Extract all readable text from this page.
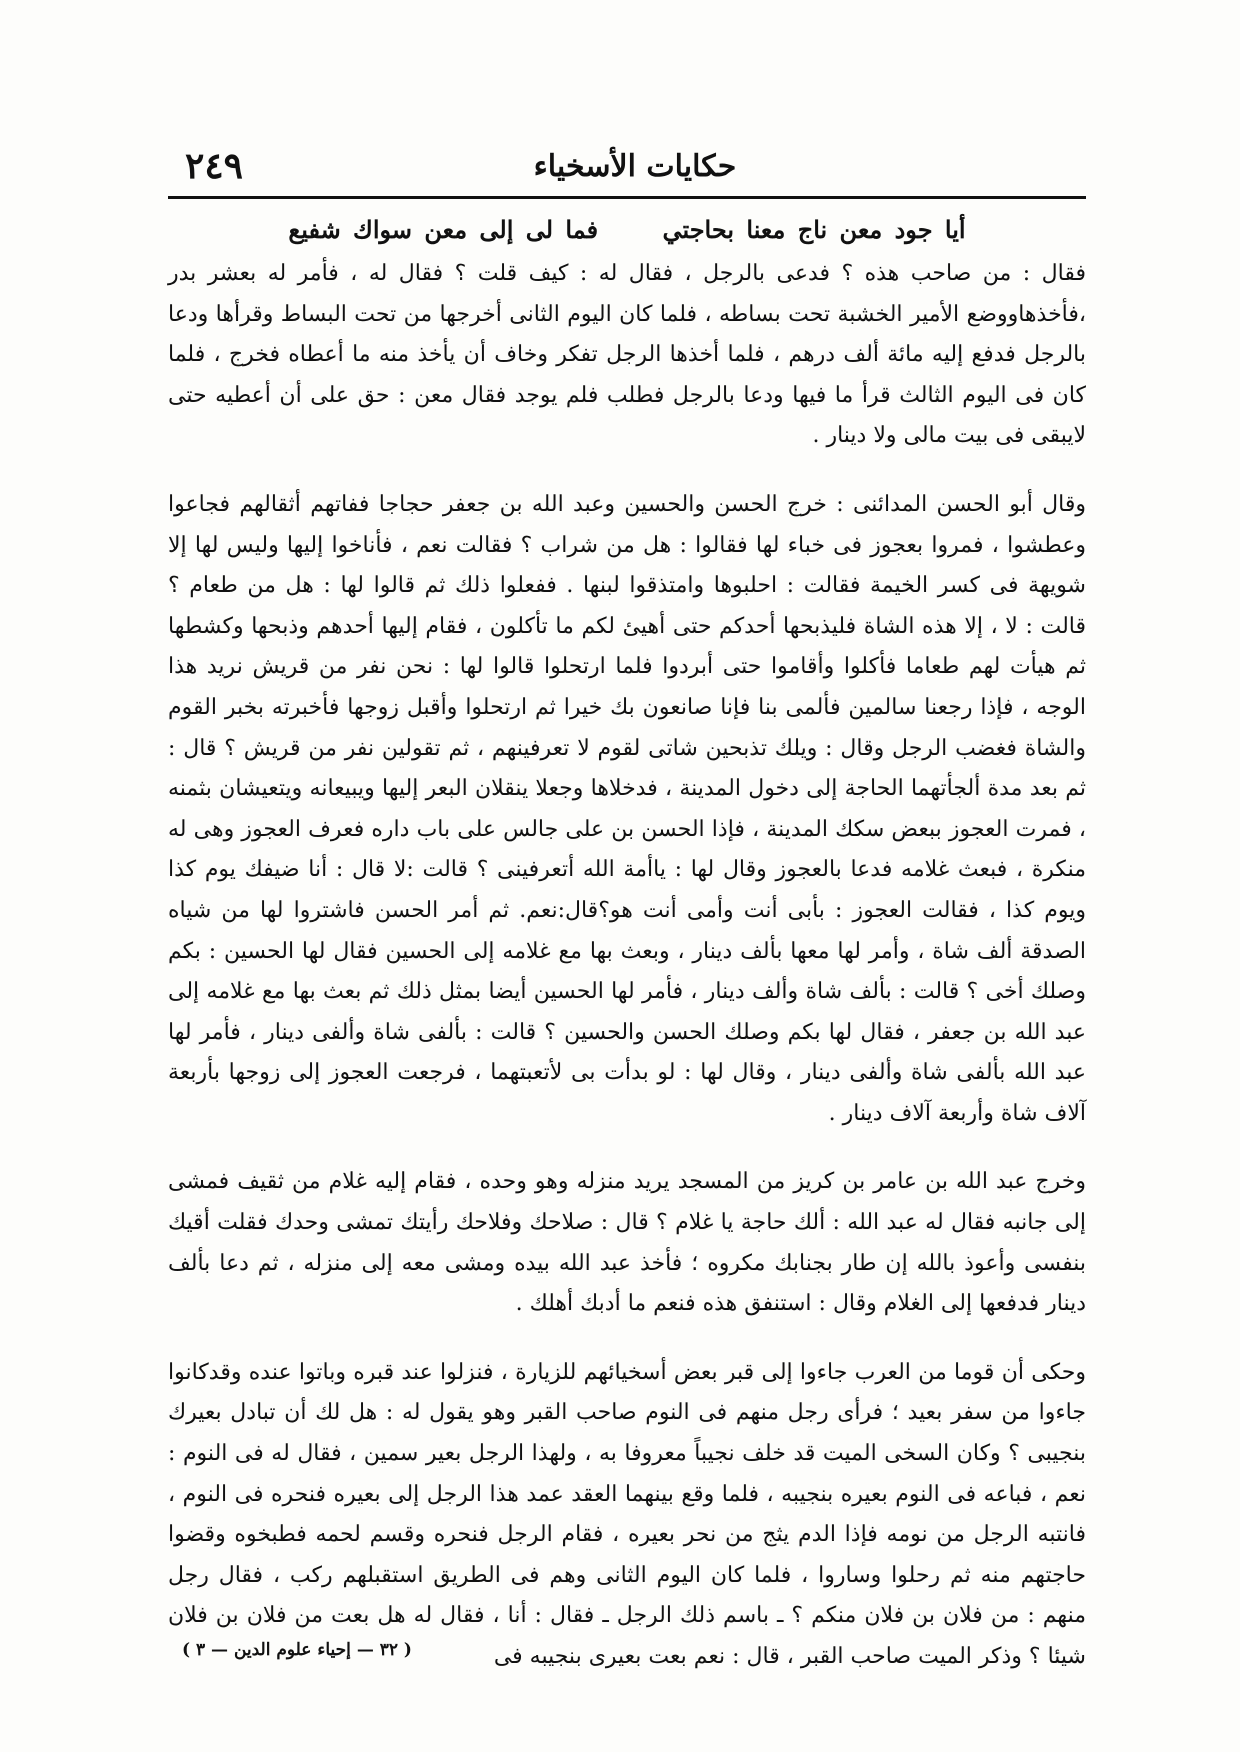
٢٤٩	حكايات الأسخياء
أيا جود معن ناج معنا بحاجتي فما لى إلى معن سواك شفيع

فقال : من صاحب هذه ؟ فدعى بالرجل ، فقال له : كيف قلت ؟ فقال له ، فأمر له بعشر بدر ،فأخذهاووضع الأمير الخشبة تحت بساطه ، فلما كان اليوم الثانى أخرجها من تحت البساط وقرأها ودعا بالرجل فدفع إليه مائة ألف درهم ، فلما أخذها الرجل تفكر وخاف أن يأخذ منه ما أعطاه فخرج ، فلما كان فى اليوم الثالث قرأ ما فيها ودعا بالرجل فطلب فلم يوجد فقال معن : حق على أن أعطيه حتى لايبقى فى بيت مالى ولا دينار .

وقال أبو الحسن المدائنى : خرج الحسن والحسين وعبد الله بن جعفر حجاجا ففاتهم أثقالهم فجاعوا وعطشوا ، فمروا بعجوز فى خباء لها فقالوا : هل من شراب ؟ فقالت نعم ، فأناخوا إليها وليس لها إلا شويهة فى كسر الخيمة فقالت : احلبوها وامتذقوا لبنها . ففعلوا ذلك ثم قالوا لها : هل من طعام ؟ قالت : لا ، إلا هذه الشاة فليذبحها أحدكم حتى أهيئ لكم ما تأكلون ، فقام إليها أحدهم وذبحها وكشطها ثم هيأت لهم طعاما فأكلوا وأقاموا حتى أبردوا فلما ارتحلوا قالوا لها : نحن نفر من قريش نريد هذا الوجه ، فإذا رجعنا سالمين فألمى بنا فإنا صانعون بك خيرا ثم ارتحلوا وأقبل زوجها فأخبرته بخبر القوم والشاة فغضب الرجل وقال : ويلك تذبحين شاتى لقوم لا تعرفينهم ، ثم تقولين نفر من قريش ؟ قال : ثم بعد مدة ألجأتهما الحاجة إلى دخول المدينة ، فدخلاها وجعلا ينقلان البعر إليها ويبيعانه ويتعيشان بثمنه ، فمرت العجوز ببعض سكك المدينة ، فإذا الحسن بن على جالس على باب داره فعرف العجوز وهى له منكرة ، فبعث غلامه فدعا بالعجوز وقال لها : ياأمة الله أتعرفينى ؟ قالت :لا قال : أنا ضيفك يوم كذا ويوم كذا ، فقالت العجوز : بأبى أنت وأمى أنت هو؟قال:نعم. ثم أمر الحسن فاشتروا لها من شياه الصدقة ألف شاة ، وأمر لها معها بألف دينار ، وبعث بها مع غلامه إلى الحسين فقال لها الحسين : بكم وصلك أخى ؟ قالت : بألف شاة وألف دينار ، فأمر لها الحسين أيضا بمثل ذلك ثم بعث بها مع غلامه إلى عبد الله بن جعفر ، فقال لها بكم وصلك الحسن والحسين ؟ قالت : بألفى شاة وألفى دينار ، فأمر لها عبد الله بألفى شاة وألفى دينار ، وقال لها : لو بدأت بى لأتعبتهما ، فرجعت العجوز إلى زوجها بأربعة آلاف شاة وأربعة آلاف دينار .

وخرج عبد الله بن عامر بن كريز من المسجد يريد منزله وهو وحده ، فقام إليه غلام من ثقيف فمشى إلى جانبه فقال له عبد الله : ألك حاجة يا غلام ؟ قال : صلاحك وفلاحك رأيتك تمشى وحدك فقلت أقيك بنفسى وأعوذ بالله إن طار بجنابك مكروه ؛ فأخذ عبد الله بيده ومشى معه إلى منزله ، ثم دعا بألف دينار فدفعها إلى الغلام وقال : استنفق هذه فنعم ما أدبك أهلك .

وحكى أن قوما من العرب جاءوا إلى قبر بعض أسخيائهم للزيارة ، فنزلوا عند قبره وباتوا عنده وقدكانوا جاءوا من سفر بعيد ؛ فرأى رجل منهم فى النوم صاحب القبر وهو يقول له : هل لك أن تبادل بعيرك بنجيبى ؟ وكان السخى الميت قد خلف نجيباً معروفا به ، ولهذا الرجل بعير سمين ، فقال له فى النوم : نعم ، فباعه فى النوم بعيره بنجيبه ، فلما وقع بينهما العقد عمد هذا الرجل إلى بعيره فنحره فى النوم ، فانتبه الرجل من نومه فإذا الدم يثج من نحر بعيره ، فقام الرجل فنحره وقسم لحمه فطبخوه وقضوا حاجتهم منه ثم رحلوا وساروا ، فلما كان اليوم الثانى وهم فى الطريق استقبلهم ركب ، فقال رجل منهم : من فلان بن فلان منكم ؟ ـ باسم ذلك الرجل ـ فقال : أنا ، فقال له هل بعت من فلان بن فلان شيئا ؟ وذكر الميت صاحب القبر ، قال : نعم بعت بعيرى بنجيبه فى

( ٣٢ — إحياء علوم الدين — ٣ )
